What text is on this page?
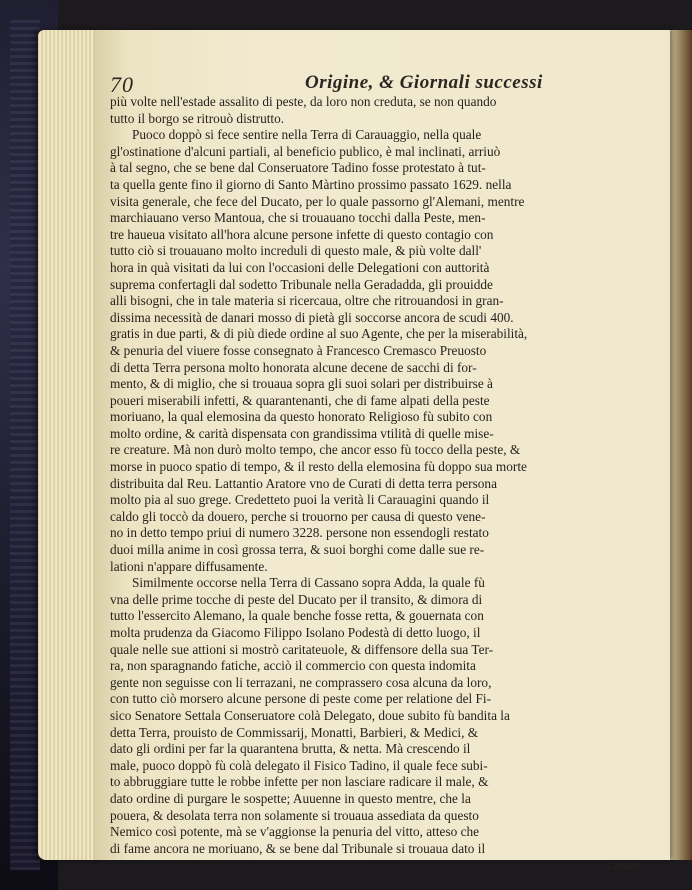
70	Origine, & Giornali successi
più volte nell'estade assalito di peste, da loro non creduta, se non quando
tutto il borgo se ritrouò distrutto.
Puoco doppò si fece sentire nella Terra di Carauaggio, nella quale
gl'ostinatione d'alcuni partiali, al beneficio publico, è mal inclinati, arriuò
à tal segno, che se bene dal Conseruatore Tadino fosse protestato à tut-
ta quella gente fino il giorno di Santo Màrtino prossimo passato 1629. nella
visita generale, che fece del Ducato, per lo quale passorno gl'Alemani, mentre
marchiauano verso Mantoua, che si trouauano tocchi dalla Peste, men-
tre haueua visitato all'hora alcune persone infette di questo contagio con
tutto ciò si trouauano molto increduli di questo male, & più volte dall'
hora in quà visitati da lui con l'occasioni delle Delegationi con auttorità
suprema confertagli dal sodetto Tribunale nella Geradadda, gli prouidde
alli bisogni, che in tale materia si ricercaua, oltre che ritrouandosi in gran-
dissima necessità de danari mosso di pietà gli soccorse ancora de scudi 400.
gratis in due parti, & di più diede ordine al suo Agente, che per la miserabilità,
& penuria del viuere fosse consegnato à Francesco Cremasco Preuosto
di detta Terra persona molto honorata alcune decene de sacchi di for-
mento, & di miglio, che si trouaua sopra gli suoi solari per distribuirse à
poueri miserabili infetti, & quarantenanti, che di fame alpati della peste
moriuano, la qual elemosina da questo honorato Religioso fù subito con
molto ordine, & carità dispensata con grandissima vtilità di quelle mise-
re creature. Mà non durò molto tempo, che ancor esso fù tocco della peste, &
morse in puoco spatio di tempo, & il resto della elemosina fù doppo sua morte
distribuita dal Reu. Lattantio Aratore vno de Curati di detta terra persona
molto pia al suo grege. Credetteto puoi la verità li Carauagini quando il
caldo gli toccò da douero, perche si trouorno per causa di questo vene-
no in detto tempo priui di numero 3228. persone non essendogli restato
duoi milla anime in così grossa terra, & suoi borghi come dalle sue re-
lationi n'appare diffusamente.
Similmente occorse nella Terra di Cassano sopra Adda, la quale fù
vna delle prime tocche di peste del Ducato per il transito, & dimora di
tutto l'essercito Alemano, la quale benche fosse retta, & gouernata con
molta prudenza da Giacomo Filippo Isolano Podestà di detto luogo, il
quale nelle sue attioni si mostrò caritateuole, & diffensore della sua Ter-
ra, non sparagnando fatiche, acciò il commercio con questa indomita
gente non seguisse con li terrazani, ne comprassero cosa alcuna da loro,
con tutto ciò morsero alcune persone di peste come per relatione del Fi-
sico Senatore Settala Conseruatore colà Delegato, doue subito fù bandita la
detta Terra, prouisto de Commissarij, Monatti, Barbieri, & Medici, &
dato gli ordini per far la quarantena brutta, & netta. Mà crescendo il
male, puoco doppò fù colà delegato il Fisico Tadino, il quale fece subi-
to abbruggiare tutte le robbe infette per non lasciare radicare il male, &
dato ordine di purgare le sospette; Auuenne in questo mentre, che la
pouera, & desolata terra non solamente si trouaua assediata da questo
Nemico così potente, mà se v'aggionse la penuria del vitto, atteso che
di fame ancora ne moriuano, & se bene dal Tribunale si trouaua dato il
catico
